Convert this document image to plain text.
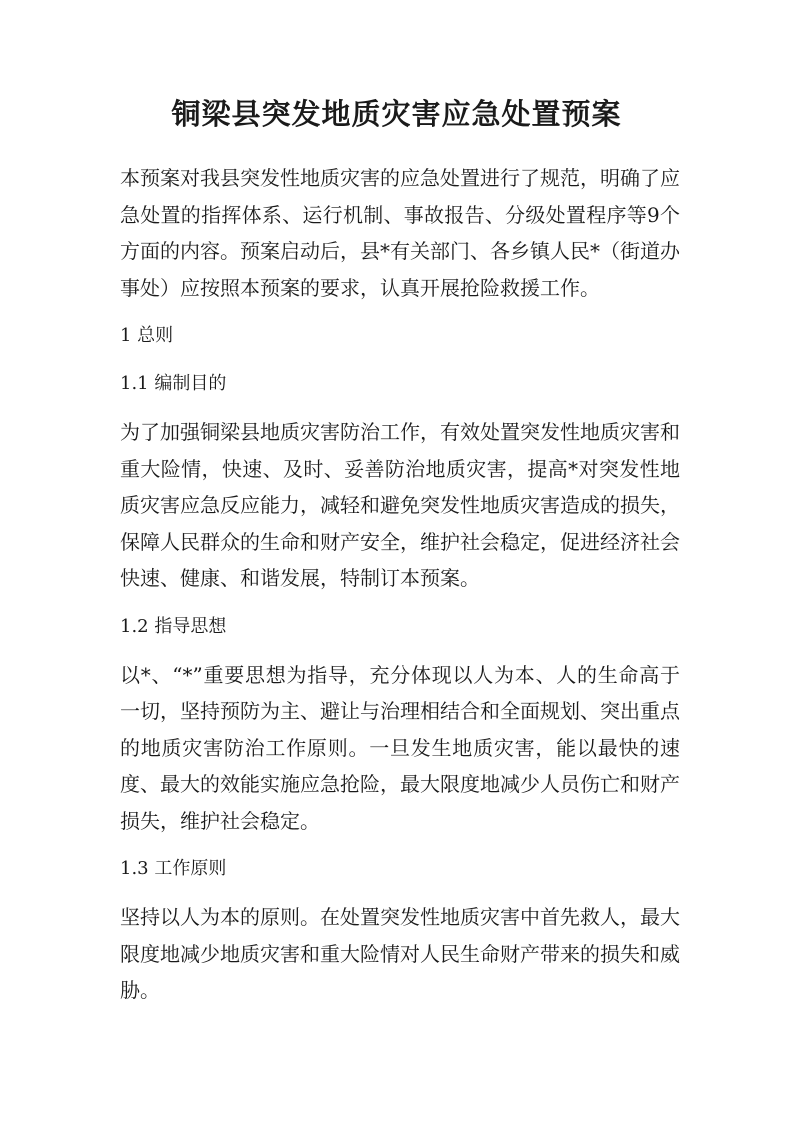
铜梁县突发地质灾害应急处置预案

本预案对我县突发性地质灾害的应急处置进行了规范，明确了应急处置的指挥体系、运行机制、事故报告、分级处置程序等9个方面的内容。预案启动后，县*有关部门、各乡镇人民*（街道办事处）应按照本预案的要求，认真开展抢险救援工作。

1 总则
1.1 编制目的

为了加强铜梁县地质灾害防治工作，有效处置突发性地质灾害和重大险情，快速、及时、妥善防治地质灾害，提高*对突发性地质灾害应急反应能力，减轻和避免突发性地质灾害造成的损失，保障人民群众的生命和财产安全，维护社会稳定，促进经济社会快速、健康、和谐发展，特制订本预案。

1.2 指导思想

以*、“*”重要思想为指导，充分体现以人为本、人的生命高于一切，坚持预防为主、避让与治理相结合和全面规划、突出重点的地质灾害防治工作原则。一旦发生地质灾害，能以最快的速度、最大的效能实施应急抢险，最大限度地减少人员伤亡和财产损失，维护社会稳定。

1.3 工作原则

坚持以人为本的原则。在处置突发性地质灾害中首先救人，最大限度地减少地质灾害和重大险情对人民生命财产带来的损失和威胁。
